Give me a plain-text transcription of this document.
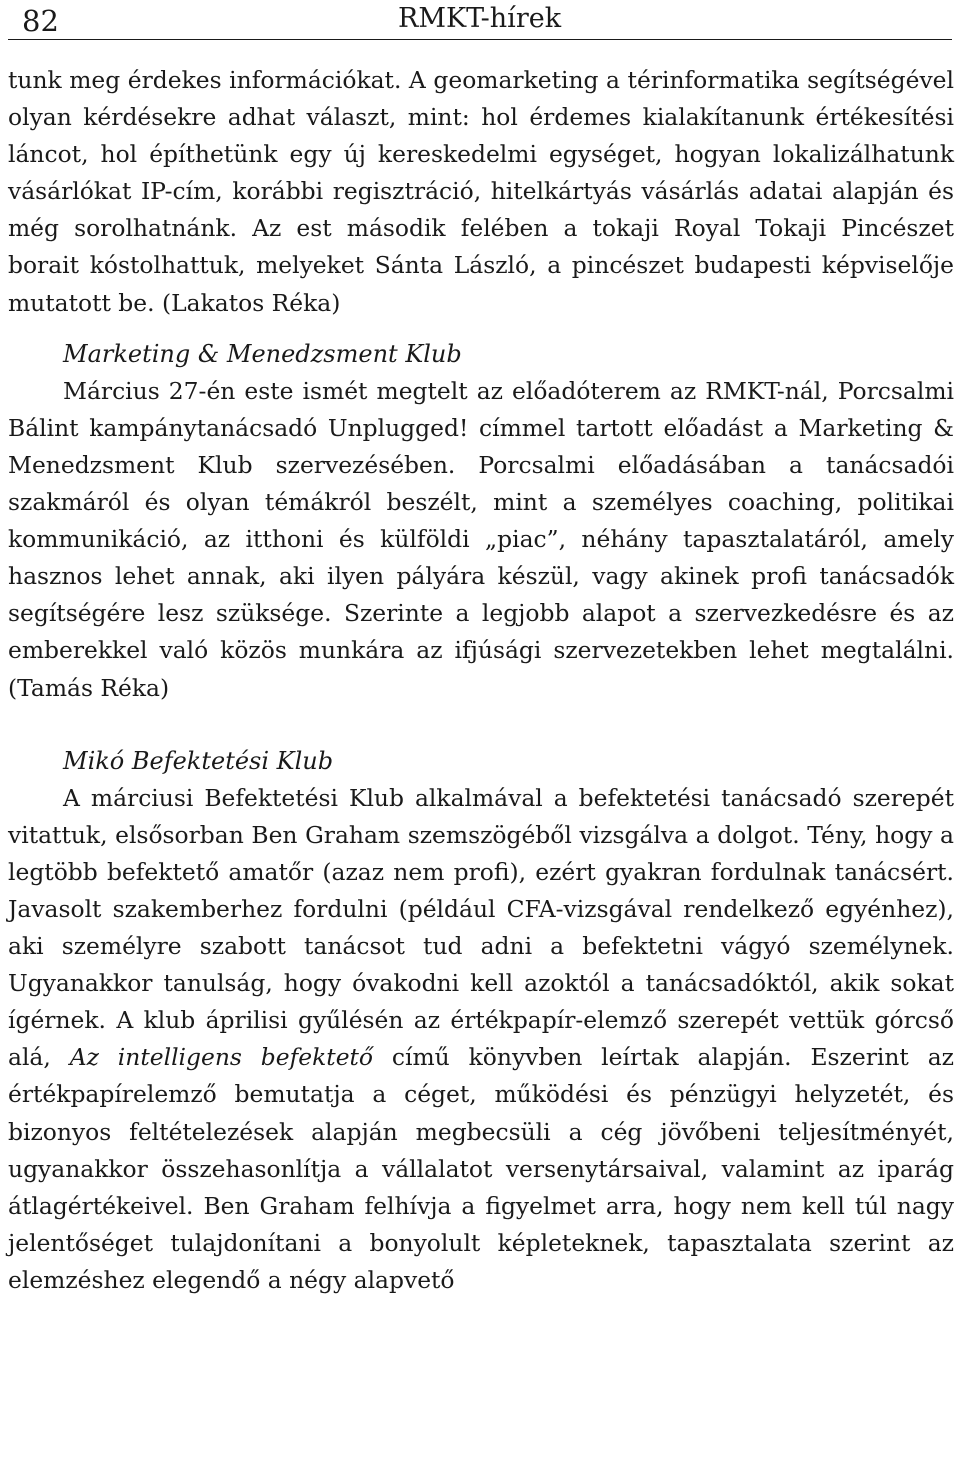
82	RMKT-hírek

tunk meg érdekes információkat. A geomarketing a térinformatika segítségével olyan kérdésekre adhat választ, mint: hol érdemes kialakítanunk értékesítési láncot, hol építhetünk egy új kereskedelmi egységet, hogyan lokalizálhatunk vásárlókat IP-cím, korábbi regisztráció, hitelkártyás vásárlás adatai alapján és még sorolhatnánk. Az est második felében a tokaji Royal Tokaji Pincészet borait kóstolhattuk, melyeket Sánta László, a pincészet budapesti képviselője mutatott be. (Lakatos Réka)

Marketing & Menedzsment Klub

Március 27-én este ismét megtelt az előadóterem az RMKT-nál, Porcsalmi Bálint kampánytanácsadó Unplugged! címmel tartott előadást a Marketing & Menedzsment Klub szervezésében. Porcsalmi előadásában a tanácsadói szakmáról és olyan témákról beszélt, mint a személyes coaching, politikai kommunikáció, az itthoni és külföldi „piac”, néhány tapasztalatáról, amely hasznos lehet annak, aki ilyen pályára készül, vagy akinek profi tanácsadók segítségére lesz szüksége. Szerinte a legjobb alapot a szervezkedésre és az emberekkel való közös munkára az ifjúsági szervezetekben lehet megtalálni. (Tamás Réka)

Mikó Befektetési Klub

A márciusi Befektetési Klub alkalmával a befektetési tanácsadó szerepét vitattuk, elsősorban Ben Graham szemszögéből vizsgálva a dolgot. Tény, hogy a legtöbb befektető amatőr (azaz nem profi), ezért gyakran fordulnak tanácsért. Javasolt szakemberhez fordulni (például CFA-vizsgával rendelkező egyénhez), aki személyre szabott tanácsot tud adni a befektetni vágyó személynek. Ugyanakkor tanulság, hogy óvakodni kell azoktól a tanácsadóktól, akik sokat ígérnek. A klub áprilisi gyűlésén az értékpapír-elemző szerepét vettük górcső alá, Az intelligens befektető című könyvben leírtak alapján. Eszerint az értékpapírelemző bemutatja a céget, működési és pénzügyi helyzetét, és bizonyos feltételezések alapján megbecsüli a cég jövőbeni teljesítményét, ugyanakkor összehasonlítja a vállalatot versenytársaival, valamint az iparág átlagértékeivel. Ben Graham felhívja a figyelmet arra, hogy nem kell túl nagy jelentőséget tulajdonítani a bonyolult képleteknek, tapasztalata szerint az elemzéshez elegendő a négy alapvető
